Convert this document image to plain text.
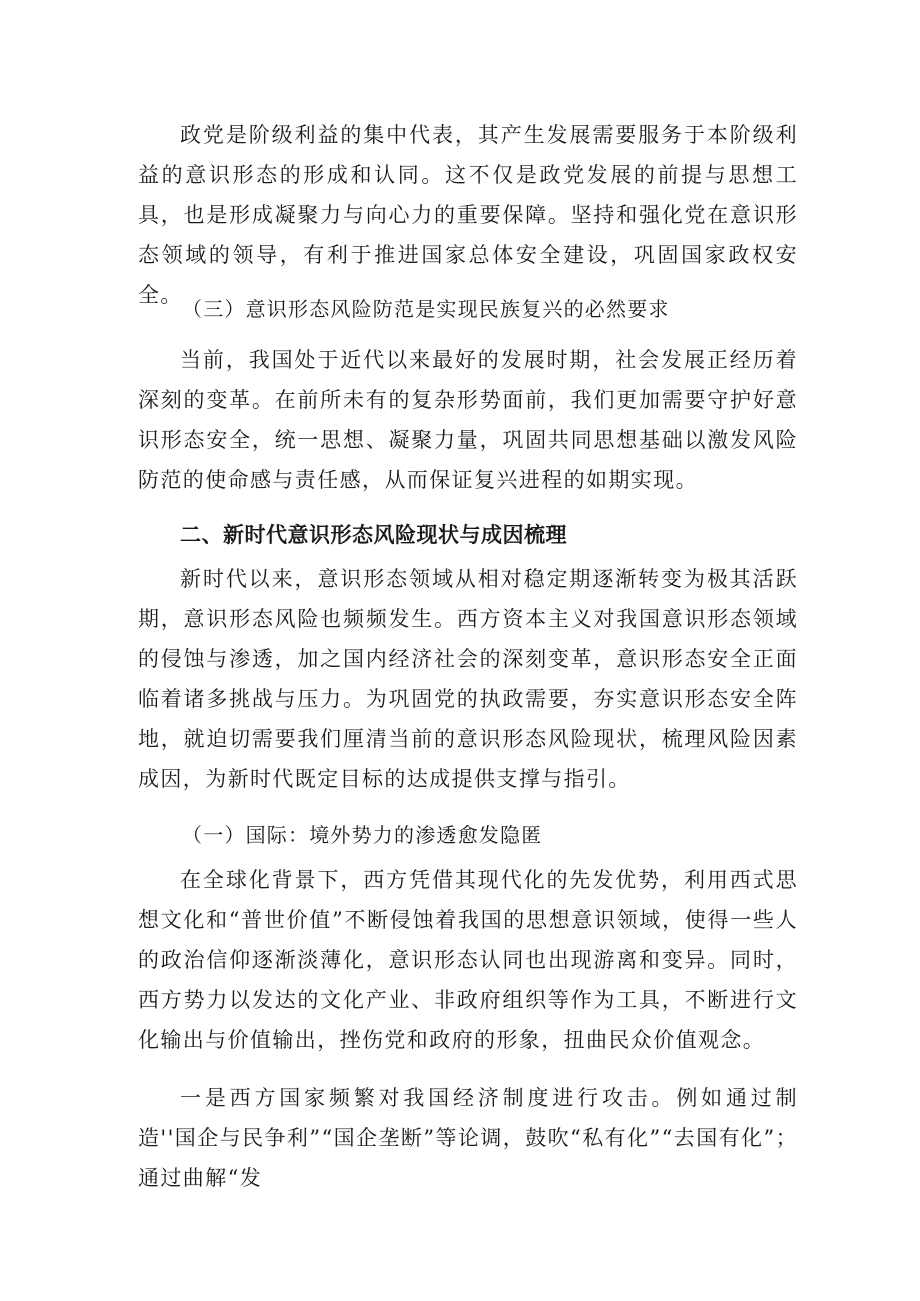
政党是阶级利益的集中代表，其产生发展需要服务于本阶级利益的意识形态的形成和认同。这不仅是政党发展的前提与思想工具，也是形成凝聚力与向心力的重要保障。坚持和强化党在意识形态领域的领导，有利于推进国家总体安全建设，巩固国家政权安全。

（三）意识形态风险防范是实现民族复兴的必然要求

当前，我国处于近代以来最好的发展时期，社会发展正经历着深刻的变革。在前所未有的复杂形势面前，我们更加需要守护好意识形态安全，统一思想、凝聚力量，巩固共同思想基础以激发风险防范的使命感与责任感，从而保证复兴进程的如期实现。

二、新时代意识形态风险现状与成因梳理

新时代以来，意识形态领域从相对稳定期逐渐转变为极其活跃期，意识形态风险也频频发生。西方资本主义对我国意识形态领域的侵蚀与渗透，加之国内经济社会的深刻变革，意识形态安全正面临着诸多挑战与压力。为巩固党的执政需要，夯实意识形态安全阵地，就迫切需要我们厘清当前的意识形态风险现状，梳理风险因素成因，为新时代既定目标的达成提供支撑与指引。

（一）国际：境外势力的渗透愈发隐匿

在全球化背景下，西方凭借其现代化的先发优势，利用西式思想文化和“普世价值”不断侵蚀着我国的思想意识领域，使得一些人的政治信仰逐渐淡薄化，意识形态认同也出现游离和变异。同时，西方势力以发达的文化产业、非政府组织等作为工具，不断进行文化输出与价值输出，挫伤党和政府的形象，扭曲民众价值观念。

一是西方国家频繁对我国经济制度进行攻击。例如通过制造''国企与民争利”“国企垄断”等论调，鼓吹“私有化”“去国有化”；通过曲解“发
